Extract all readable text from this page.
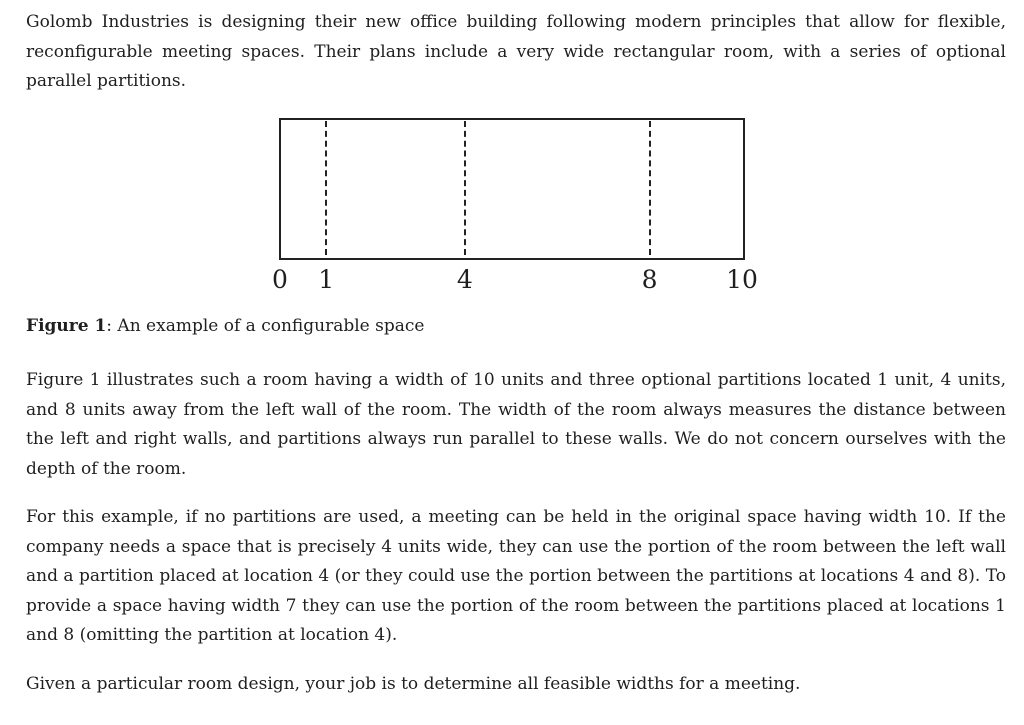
Golomb Industries is designing their new office building following modern principles that allow for flexible, reconfigurable meeting spaces. Their plans include a very wide rectangular room, with a series of optional parallel partitions.

0 1	4	8	10

Figure 1: An example of a configurable space

Figure 1 illustrates such a room having a width of 10 units and three optional partitions located 1 unit, 4 units, and 8 units away from the left wall of the room. The width of the room always measures the distance between the left and right walls, and partitions always run parallel to these walls. We do not concern ourselves with the depth of the room.

For this example, if no partitions are used, a meeting can be held in the original space having width 10. If the company needs a space that is precisely 4 units wide, they can use the portion of the room between the left wall and a partition placed at location 4 (or they could use the portion between the partitions at locations 4 and 8). To provide a space having width 7 they can use the portion of the room between the partitions placed at locations 1 and 8 (omitting the partition at location 4).

Given a particular room design, your job is to determine all feasible widths for a meeting.
